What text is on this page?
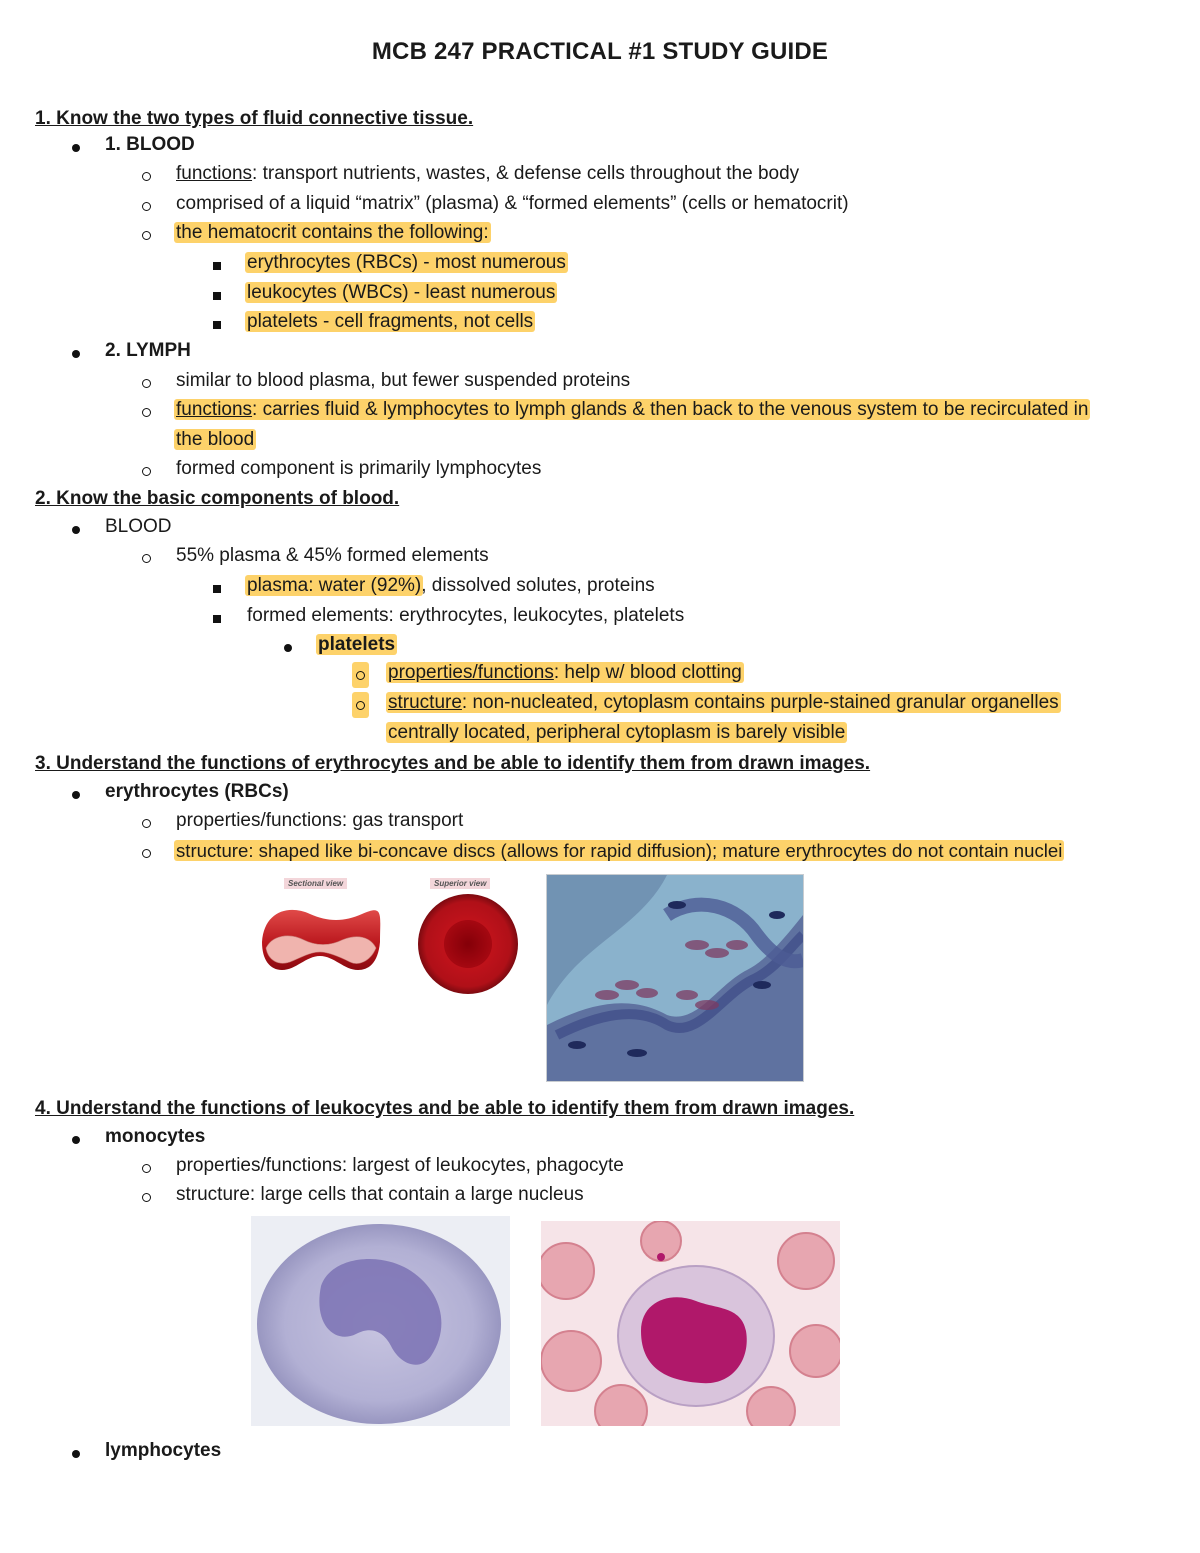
MCB 247 PRACTICAL #1 STUDY GUIDE
1. Know the two types of fluid connective tissue.
1. BLOOD
functions: transport nutrients, wastes, & defense cells throughout the body
comprised of a liquid “matrix” (plasma) & “formed elements” (cells or hematocrit)
the hematocrit contains the following:
erythrocytes (RBCs) - most numerous
leukocytes (WBCs) - least numerous
platelets - cell fragments, not cells
2. LYMPH
similar to blood plasma, but fewer suspended proteins
functions: carries fluid & lymphocytes to lymph glands & then back to the venous system to be recirculated in
the blood
formed component is primarily lymphocytes
2. Know the basic components of blood.
BLOOD
55% plasma & 45% formed elements
plasma: water (92%), dissolved solutes, proteins
formed elements: erythrocytes, leukocytes, platelets
platelets
properties/functions: help w/ blood clotting
structure: non-nucleated, cytoplasm contains purple-stained granular organelles
centrally located, peripheral cytoplasm is barely visible
3. Understand the functions of erythrocytes and be able to identify them from drawn images.
erythrocytes (RBCs)
properties/functions: gas transport
structure: shaped like bi-concave discs (allows for rapid diffusion); mature erythrocytes do not contain nuclei
Sectional view	Superior view
4. Understand the functions of leukocytes and be able to identify them from drawn images.
monocytes
properties/functions: largest of leukocytes, phagocyte
structure: large cells that contain a large nucleus
lymphocytes
